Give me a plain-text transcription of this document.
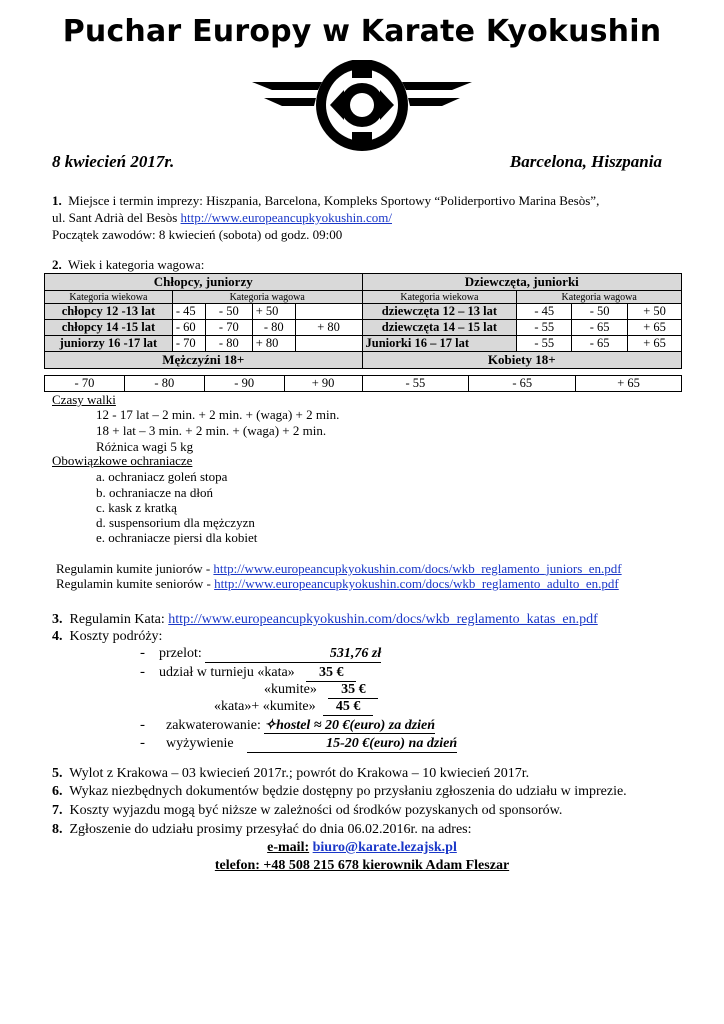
Puchar Europy w Karate Kyokushin
8 kwiecień 2017r.	Barcelona, Hiszpania
1. Miejsce i termin imprezy: Hiszpania, Barcelona, Kompleks Sportowy “Poliderportivo Marina Besòs”,
ul. Sant Adrià del Besòs http://www.europeancupkyokushin.com/
Początek zawodów: 8 kwiecień (sobota) od godz. 09:00
2. Wiek i kategoria wagowa:
Chłopcy, juniorzy					Dziewczęta, juniorki			
Kategoria wiekowa	Kategoria wagowa				Kategoria wiekowa	Kategoria wagowa		
chłopcy 12 -13 lat	- 45	- 50	+ 50		dziewczęta 12 – 13 lat	- 45	- 50	+ 50
chłopcy 14 -15 lat	- 60	- 70	- 80	+ 80	dziewczęta 14 – 15 lat	- 55	- 65	+ 65
juniorzy 16 -17 lat	- 70	- 80	+ 80		Juniorki 16 – 17 lat	- 55	- 65	+ 65
Mężczyźni 18+					Kobiety 18+			
- 70	- 80	- 90	+ 90	- 55	- 65	+ 65
Czasy walki
12 - 17 lat – 2 min. + 2 min. + (waga) + 2 min.
18 + lat – 3 min. + 2 min. + (waga) + 2 min.
Różnica wagi 5 kg
Obowiązkowe ochraniacze
a. ochraniacz goleń stopa
b. ochraniacze na dłoń
c. kask z kratką
d. suspensorium dla mężczyzn
e. ochraniacze piersi dla kobiet
Regulamin kumite juniorów - http://www.europeancupkyokushin.com/docs/wkb_reglamento_juniors_en.pdf
Regulamin kumite seniorów - http://www.europeancupkyokushin.com/docs/wkb_reglamento_adulto_en.pdf
3. Regulamin Kata: http://www.europeancupkyokushin.com/docs/wkb_reglamento_katas_en.pdf
4. Koszty podróży:
- przelot:	531,76 zł
- udział w turnieju «kata» 35 €
«kumite» 35 €
«kata»+ «kumite» 45 €
- zakwaterowanie: ✧hostel ≈ 20 €(euro) za dzień
- wyżywienie	15-20 €(euro) na dzień
5. Wylot z Krakowa – 03 kwiecień 2017r.; powrót do Krakowa – 10 kwiecień 2017r.
6. Wykaz niezbędnych dokumentów będzie dostępny po przysłaniu zgłoszenia do udziału w imprezie.
7. Koszty wyjazdu mogą być niższe w zależności od środków pozyskanych od sponsorów.
8. Zgłoszenie do udziału prosimy przesyłać do dnia 06.02.2016r. na adres:
e-mail: biuro@karate.lezajsk.pl
telefon: +48 508 215 678 kierownik Adam Fleszar
